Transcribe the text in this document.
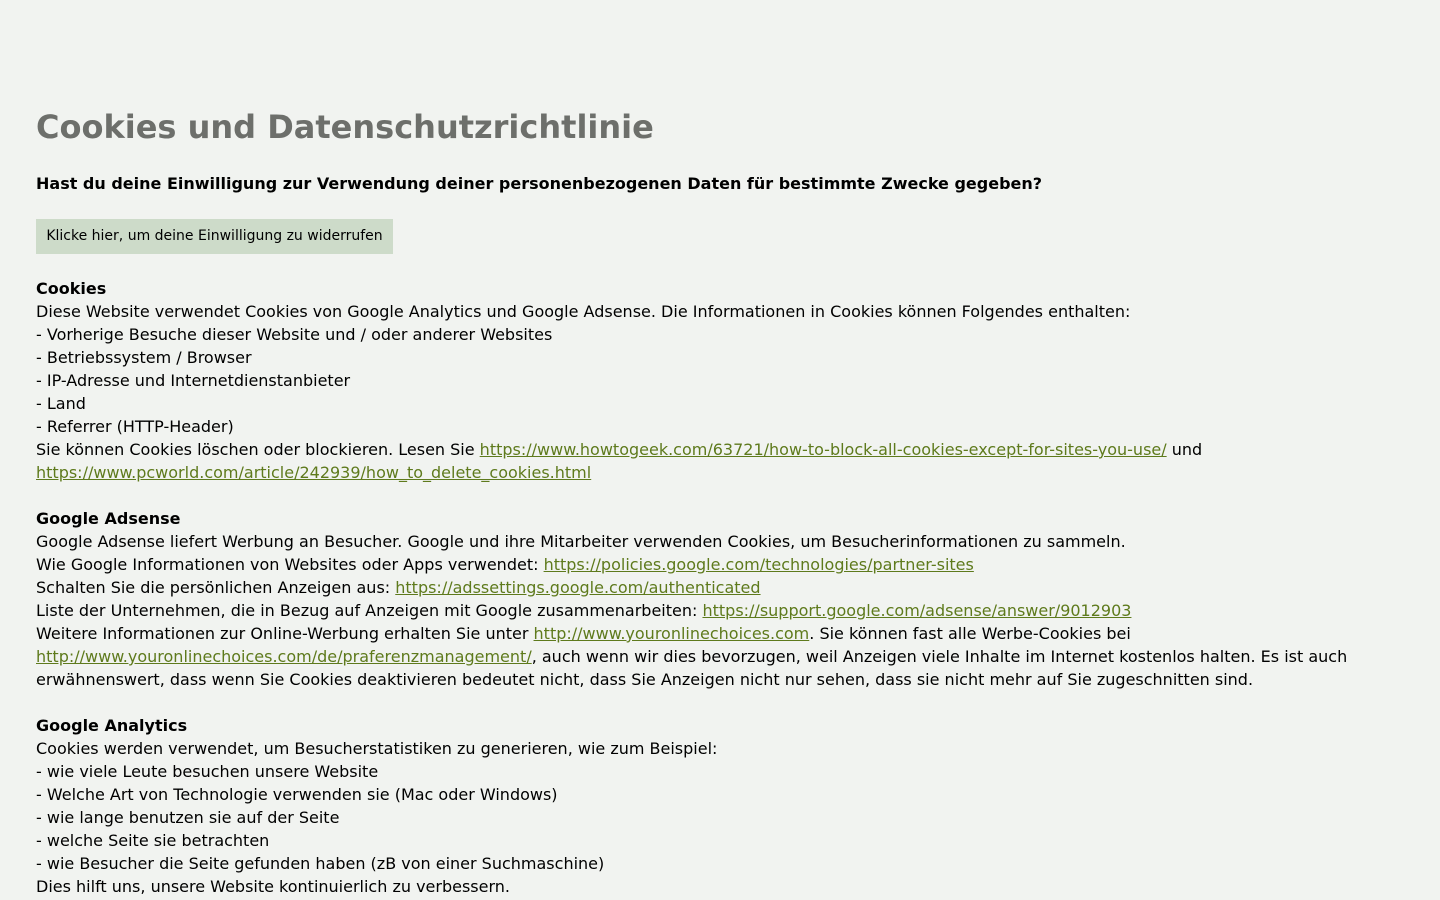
Cookies und Datenschutzrichtlinie

Hast du deine Einwilligung zur Verwendung deiner personenbezogenen Daten für bestimmte Zwecke gegeben?

Klicke hier, um deine Einwilligung zu widerrufen
Cookies
Diese Website verwendet Cookies von Google Analytics und Google Adsense. Die Informationen in Cookies können Folgendes enthalten:
- Vorherige Besuche dieser Website und / oder anderer Websites
- Betriebssystem / Browser
- IP-Adresse und Internetdienstanbieter
- Land
- Referrer (HTTP-Header)
Sie können Cookies löschen oder blockieren. Lesen Sie https://www.howtogeek.com/63721/how-to-block-all-cookies-except-for-sites-you-use/ und
https://www.pcworld.com/article/242939/how_to_delete_cookies.html
Google Adsense
Google Adsense liefert Werbung an Besucher. Google und ihre Mitarbeiter verwenden Cookies, um Besucherinformationen zu sammeln.
Wie Google Informationen von Websites oder Apps verwendet: https://policies.google.com/technologies/partner-sites
Schalten Sie die persönlichen Anzeigen aus: https://adssettings.google.com/authenticated
Liste der Unternehmen, die in Bezug auf Anzeigen mit Google zusammenarbeiten: https://support.google.com/adsense/answer/9012903
Weitere Informationen zur Online-Werbung erhalten Sie unter http://www.youronlinechoices.com. Sie können fast alle Werbe-Cookies bei
http://www.youronlinechoices.com/de/praferenzmanagement/, auch wenn wir dies bevorzugen, weil Anzeigen viele Inhalte im Internet kostenlos halten. Es ist auch erwähnenswert, dass wenn Sie Cookies deaktivieren bedeutet nicht, dass Sie Anzeigen nicht nur sehen, dass sie nicht mehr auf Sie zugeschnitten sind.
Google Analytics
Cookies werden verwendet, um Besucherstatistiken zu generieren, wie zum Beispiel:
- wie viele Leute besuchen unsere Website
- Welche Art von Technologie verwenden sie (Mac oder Windows)
- wie lange benutzen sie auf der Seite
- welche Seite sie betrachten
- wie Besucher die Seite gefunden haben (zB von einer Suchmaschine)
Dies hilft uns, unsere Website kontinuierlich zu verbessern.
